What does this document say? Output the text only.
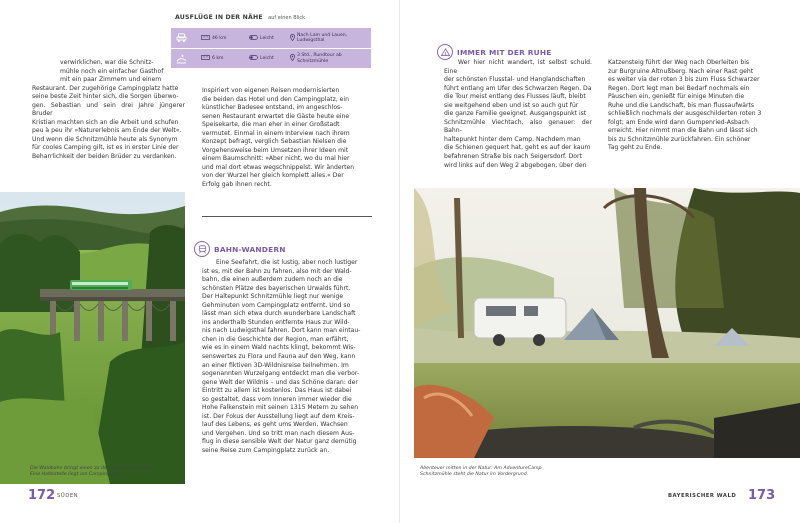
AUSFLÜGE IN DER NÄHE auf einen Blick
46 km	Leicht
Nach Lam und Lauen, Ludwigsthal
6 km	Leicht
3 Std., Rundtour ab Schnitzmühle

verwirklichen, war die Schnitz-

mühle noch ein einfacher Gasthof

mit ein paar Zimmern und einem

Restaurant. Der zugehörige Campingplatz hatte

seine beste Zeit hinter sich, die Sorgen überwo-

gen. Sebastian und sein drei Jahre jüngerer Bruder

Kristian machten sich an die Arbeit und schufen

peu à peu ihr »Naturerlebnis am Ende der Welt«.

Und wenn die Schnitzmühle heute als Synonym

für cooles Camping gilt, ist es in erster Linie der

Beharrlichkeit der beiden Brüder zu verdanken.

Inspiriert von eigenen Reisen modernisierten

die beiden das Hotel und den Campingplatz, ein

künstlicher Badesee entstand, im angeschlos-

senen Restaurant erwartet die Gäste heute eine

Speisekarte, die man eher in einer Großstadt

vermutet. Einmal in einem Interview nach ihrem

Konzept befragt, verglich Sebastian Nielsen die

Vorgehensweise beim Umsetzen ihrer Ideen mit

einem Baumschnitt: »Aber nicht, wo du mal hier

und mal dort etwas wegschnippelst. Wir änderten

von der Wurzel her gleich komplett alles.« Der

Erfolg gab ihnen recht.

Die Waldbahn bringt einen zu den schönsten Plätzen.
Eine Haltestelle liegt am Campingplatz.
BAHN-WANDERN

Eine Seefahrt, die ist lustig, aber noch lustiger

ist es, mit der Bahn zu fahren, also mit der Wald-

bahn, die einen außerdem zudem noch an die

schönsten Plätze des bayerischen Urwalds führt.

Der Haltepunkt Schnitzmühle liegt nur wenige

Gehminuten vom Campingplatz entfernt. Und so

lässt man sich etwa durch wunderbare Landschaft

ins anderthalb Stunden entfernte Haus zur Wild-

nis nach Ludwigsthal fahren. Dort kann man eintau-

chen in die Geschichte der Region, man erfährt,

wie es in einem Wald nachts klingt, bekommt Wis-

senswertes zu Flora und Fauna auf den Weg, kann

an einer fiktiven 3D-Wildnisreise teilnehmen. Im

sogenannten Wurzelgang entdeckt man die verbor-

gene Welt der Wildnis – und das Schöne daran: der

Eintritt zu allem ist kostenlos. Das Haus ist dabei

so gestaltet, dass vom Inneren immer wieder die

Hohe Falkenstein mit seinen 1315 Metern zu sehen

ist. Der Fokus der Ausstellung liegt auf dem Kreis-

lauf des Lebens, es geht ums Werden, Wachsen

und Vergehen. Und so tritt man nach diesem Aus-

flug in diese sensible Welt der Natur ganz demütig

seine Reise zum Campingplatz zurück an.

172 SÜDEN
IMMER MIT DER RUHE

Wer hier nicht wandert, ist selbst schuld. Eine

der schönsten Flusstal- und Hanglandschaften

führt entlang am Ufer des Schwarzen Regen. Da

die Tour meist entlang des Flusses läuft, bleibt

sie weitgehend eben und ist so auch gut für

die ganze Familie geeignet. Ausgangspunkt ist

Schnitzmühle Viechtach, also genauer: der Bahn-

haltepunkt hinter dem Camp. Nachdem man

die Schienen gequert hat, geht es auf der kaum

befahrenen Straße bis nach Seigersdorf. Dort

wird links auf den Weg 2 abgebogen, über den

Katzensteig führt der Weg nach Oberleiten bis

zur Burgruine Altnußberg. Nach einer Rast geht

es weiter via der roten 3 bis zum Fluss Schwarzer

Regen. Dort legt man bei Bedarf nochmals ein

Päuschen ein, genießt für einige Minuten die

Ruhe und die Landschaft, bis man flussaufwärts

schließlich nochmals der ausgeschilderten roten 3

folgt; am Ende wird dann Gumpenried-Asbach

erreicht. Hier nimmt man die Bahn und lässt sich

bis zu Schnitzmühle zurückfahren. Ein schöner

Tag geht zu Ende.

Abenteuer mitten in der Natur: Am AdventureCamp
Schnitzmühle steht die Natur im Vordergrund.
BAYERISCHER WALD 173
